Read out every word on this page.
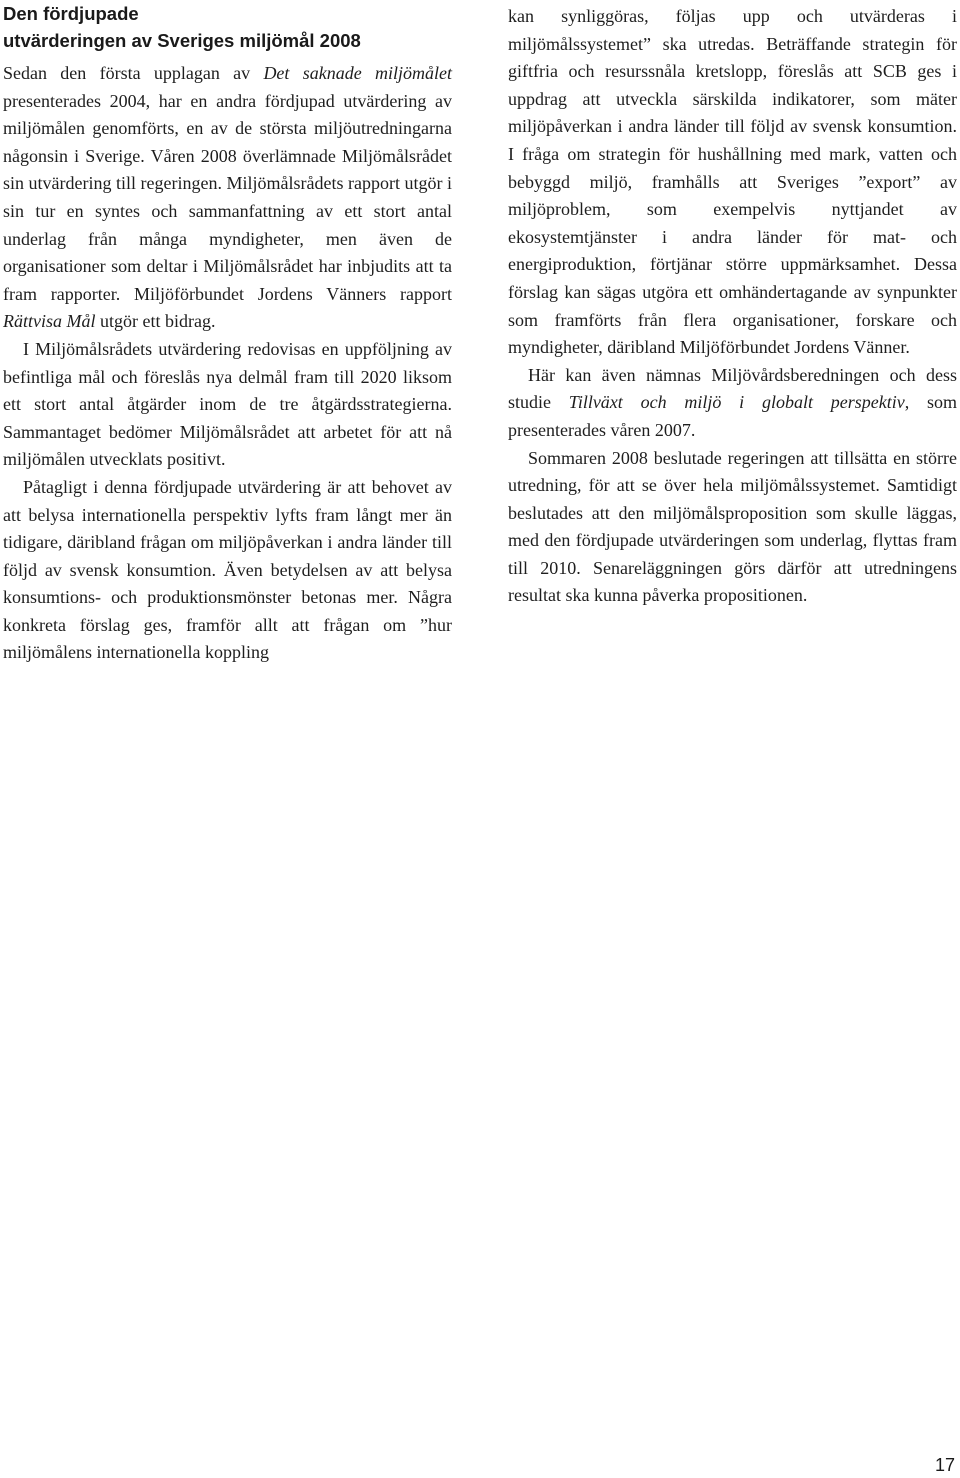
Den fördjupade
utvärderingen av Sveriges miljömål 2008

Sedan den första upplagan av Det saknade miljömålet presenterades 2004, har en andra fördjupad utvärdering av miljömålen genomförts, en av de största miljöutredningarna någonsin i Sverige. Våren 2008 överlämnade Miljömålsrådet sin utvärdering till regeringen. Miljömålsrådets rapport utgör i sin tur en syntes och sammanfattning av ett stort antal underlag från många myndigheter, men även de organisationer som deltar i Miljömålsrådet har inbjudits att ta fram rapporter. Miljöförbundet Jordens Vänners rapport Rättvisa Mål utgör ett bidrag.

I Miljömålsrådets utvärdering redovisas en uppföljning av befintliga mål och föreslås nya delmål fram till 2020 liksom ett stort antal åtgärder inom de tre åtgärdsstrategierna. Sammantaget bedömer Miljömålsrådet att arbetet för att nå miljömålen utvecklats positivt.

Påtagligt i denna fördjupade utvärdering är att behovet av att belysa internationella perspektiv lyfts fram långt mer än tidigare, däribland frågan om miljöpåverkan i andra länder till följd av svensk konsumtion. Även betydelsen av att belysa konsumtions- och produktionsmönster betonas mer. Några konkreta förslag ges, framför allt att frågan om ”hur miljömålens internationella koppling

kan synliggöras, följas upp och utvärderas i miljömålssystemet” ska utredas. Beträffande strategin för giftfria och resurssnåla kretslopp, föreslås att SCB ges i uppdrag att utveckla särskilda indikatorer, som mäter miljöpåverkan i andra länder till följd av svensk konsumtion. I fråga om strategin för hushållning med mark, vatten och bebyggd miljö, framhålls att Sveriges ”export” av miljöproblem, som exempelvis nyttjandet av ekosystemtjänster i andra länder för mat- och energiproduktion, förtjänar större uppmärksamhet. Dessa förslag kan sägas utgöra ett omhändertagande av synpunkter som framförts från flera organisationer, forskare och myndigheter, däribland Miljöförbundet Jordens Vänner.

Här kan även nämnas Miljövårdsberedningen och dess studie Tillväxt och miljö i globalt perspektiv, som presenterades våren 2007.

Sommaren 2008 beslutade regeringen att tillsätta en större utredning, för att se över hela miljömålssystemet. Samtidigt beslutades att den miljömålsproposition som skulle läggas, med den fördjupade utvärderingen som underlag, flyttas fram till 2010. Senareläggningen görs därför att utredningens resultat ska kunna påverka propositionen.

17
